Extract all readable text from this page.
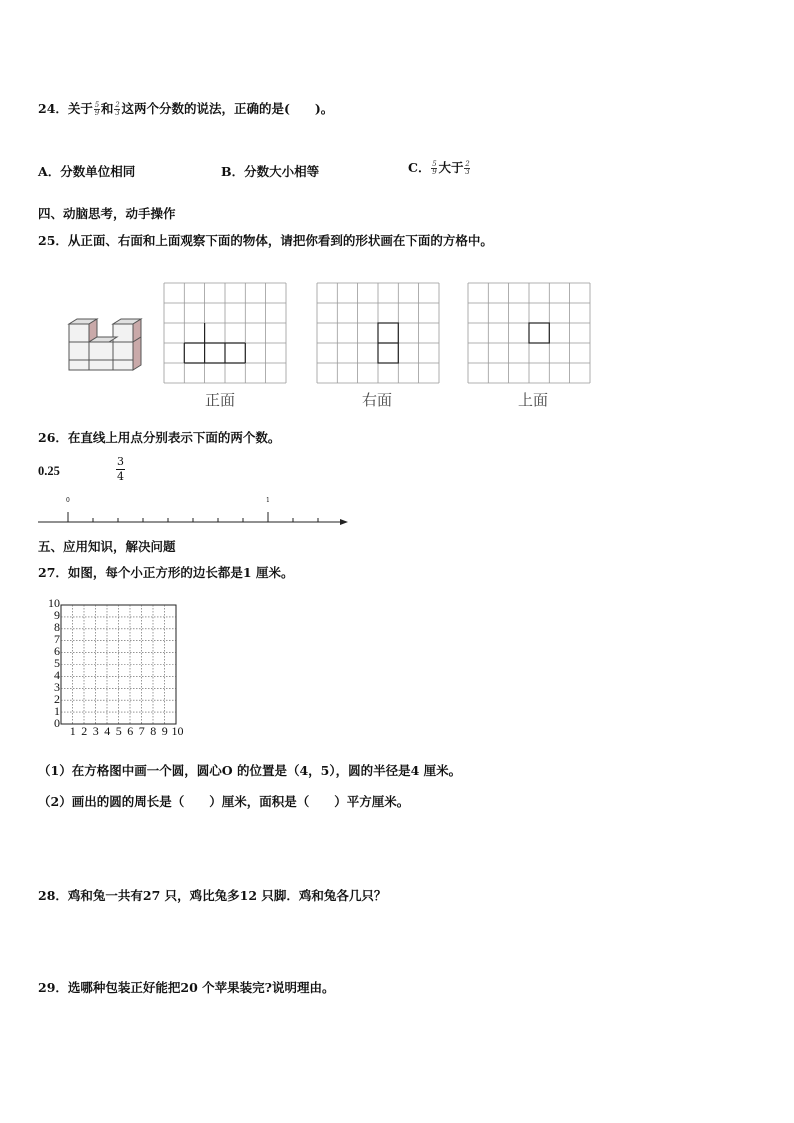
24．关于 $\frac{5}{9}$ 和 $\frac{2}{3}$ 这两个分数的说法，正确的是(　　)。
A．分数单位相同	B．分数大小相等	C． $\frac{5}{9}$ 大于 $\frac{2}{3}$
四、动脑思考，动手操作
25．从正面、右面和上面观察下面的物体，请把你看到的形状画在下面的方格中。
正面	右面	上面
26．在直线上用点分别表示下面的两个数。
0.25
3
4
0	1
五、应用知识，解决问题
27．如图，每个小正方形的边长都是1 厘米。
10
9
8
7
6
5
4
3
2
1
0
1 2 3 4 5 6 7 8 9 10
（1）在方格图中画一个圆，圆心O 的位置是（4，5），圆的半径是4 厘米。
（2）画出的圆的周长是（　　）厘米，面积是（　　）平方厘米。
28．鸡和兔一共有27 只，鸡比兔多12 只脚．鸡和兔各几只？
29．选哪种包装正好能把20 个苹果装完?说明理由。
